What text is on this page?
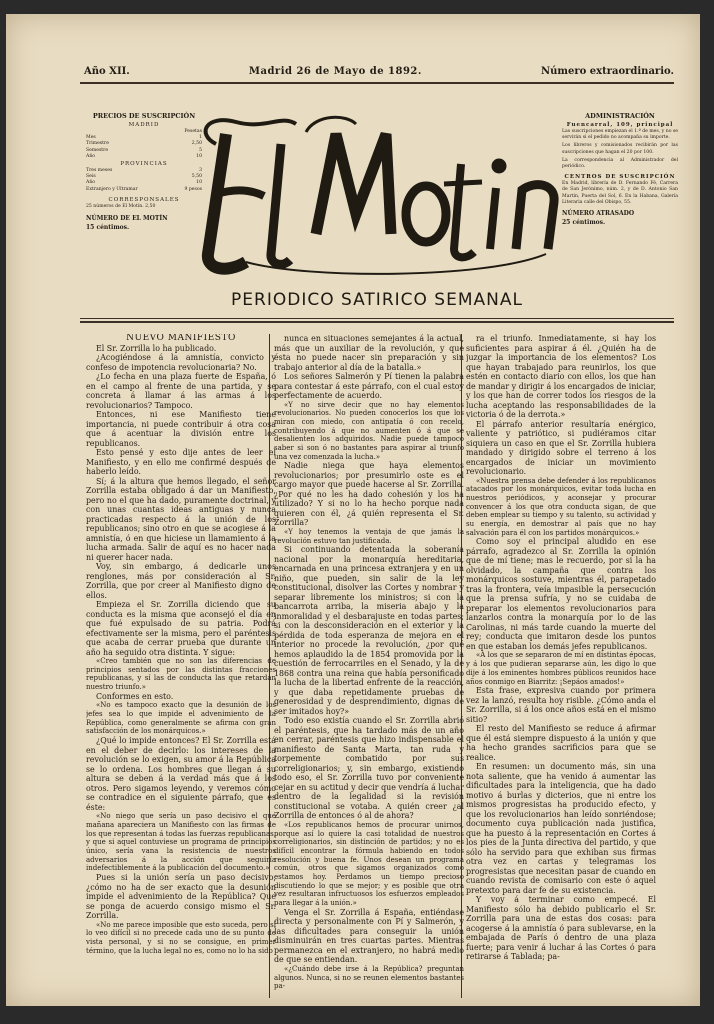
Año XII.	Madrid 26 de Mayo de 1892.	Número extraordinario.
PRECIOS DE SUSCRIPCIÓN
MADRID
Pesetas
Mes	1
Trimestre	2,50
Semestre	5
Año	10
PROVINCIAS
Tres meses	3
Seis	5,50
Año	10
Extranjero y Ultramar	9 pesos
CORRESPONSALES
25 números de El Motín. 2,50
NÚMERO DE EL MOTÍN
15 céntimos.
ADMINISTRACIÓN
Fuencarral, 109, principal

Las suscripciones empiezan el 1.º de mes, y no se servirán si el pedido no acompaña su importe.

Los libreros y comisionados recibirán por las suscripciones que hagan el 20 por 100.

La correspondencia al Administrador del periódico.

CENTROS DE SUSCRIPCIÓN

En Madrid, librería de D. Fernando Fé, Carrera de San Jerónimo, núm. 2, y de D. Antonio San Martín, Puerta del Sol, 6. En la Habana, Galería Literaria calle del Obispo, 55.

NÚMERO ATRASADO
25 céntimos.
PERIODICO SATIRICO SEMANAL

NUEVO MANIFIESTO

El Sr. Zorrilla lo ha publicado.

¿Acogiéndose á la amnistía, convicto y confeso de impotencia revolucionaria? No.

¿Lo fecha en una plaza fuerte de España, ó en el campo al frente de una partida, y se concreta á llamar á las armas á los revolucionarios? Tampoco.

Entonces, ni ese Manifiesto tiene importancia, ni puede contribuir á otra cosa que á acentuar la división entre los republicanos.

Esto pensé y esto dije antes de leer el Manifiesto, y en ello me confirmé después de haberlo leído.

Sí; á la altura que hemos llegado, el señor Zorrilla estaba obligado á dar un Manifiesto, pero no el que ha dado, puramente doctrinal, y con unas cuantas ideas antiguas y nunca practicadas respecto á la unión de los republicanos; sino otro en que se acogiese á la amnistía, ó en que hiciese un llamamiento á la lucha armada. Salir de aquí es no hacer nada ni querer hacer nada.

Voy, sin embargo, á dedicarle unos renglones, más por consideración al Sr. Zorrilla, que por creer al Manifiesto digno de ellos.

Empieza el Sr. Zorrilla diciendo que su conducta es la misma que aconsejó el día en que fué expulsado de su patria. Podrá efectivamente ser la misma, pero el paréntesis que acaba de cerrar prueba que durante un año ha seguido otra distinta. Y sigue:

«Creo también que no son las diferencias de principios sentados por las distintas fracciones republicanas, y sí las de conducta las que retardan nuestro triunfo.»

Conformes en esto.

«No es tampoco exacto que la desunión de los jefes sea lo que impide el advenimiento de la República, como generalmente se afirma con gran satisfacción de los monárquicos.»

¿Qué lo impide entonces? El Sr. Zorrilla está en el deber de decirlo: los intereses de la revolución se lo exigen, su amor á la República se lo ordena. Los hombres que llegan á su altura se deben á la verdad más que á los otros. Pero sigamos leyendo, y veremos cómo se contradice en el siguiente párrafo, que es éste:

«No niego que sería un paso decisivo el que mañana apareciera un Manifiesto con las firmas de los que representan á todas las fuerzas republicanas, y que si aquel contuviese un programa de principios único, sería vana la resistencia de nuestros adversarios á la acción que seguiría indefectiblemente á la publicación del documento.»

Pues si la unión sería un paso decisivo, ¿cómo no ha de ser exacto que la desunión impide el advenimiento de la República? Que se ponga de acuerdo consigo mismo el Sr. Zorrilla.

«No me parece imposible que esto suceda, pero sí lo veo difícil si no precede cada uno de su punto de vista personal, y si no se consigue, en primer término, que la lucha legal no es, como no lo ha sido

nunca en situaciones semejantes á la actual, más que un auxiliar de la revolución, y que ésta no puede nacer sin preparación y sin trabajo anterior al día de la batalla.»

Los señores Salmerón y Pí tienen la palabra para contestar á este párrafo, con el cual estoy perfectamente de acuerdo.

«Y no sirve decir que no hay elementos revolucionarios. No pueden conocerlos los que los miran con miedo, con antipatía ó con recelo, contribuyendo á que no aumenten ó á que se desalienten los adquiridos. Nadie puede tampoco saber si son ó no bastantes para aspirar al triunfo una vez comenzada la lucha.»

Nadie niega que haya elementos revolucionarios; por presumirlo oste es el cargo mayor que puede hacerse al Sr. Zorrilla. ¿Por qué no les ha dado cohesión y los ha utilizado? Y si no lo ha hecho porque nada quieren con él, ¿á quién representa el Sr. Zorrilla?

«Y hoy tenemos la ventaja de que jamás la revolución estuvo tan justificada.

Si continuando detentada la soberanía nacional por la monarquía hereditaria, encarnada en una princesa extranjera y en un niño, que pueden, sin salir de la ley constitucional, disolver las Cortes y nombrar y separar libremente los ministros; si con la bancarrota arriba, la miseria abajo y la inmoralidad y el desbarajuste en todas partes; si con la desconsideración en el exterior y la pérdida de toda esperanza de mejora en el interior no procede la revolución, ¿por qué hemos aplaudido la de 1854 promovida por la cuestión de ferrocarriles en el Senado, y la de 1868 contra una reina que había personificado la lucha de la libertad enfrente de la reacción, y que daba repetidamente pruebas de generosidad y de desprendimiento, dignas de ser imitados hoy?»

Todo eso existía cuando el Sr. Zorrilla abrió el paréntesis, que ha tardado más de un año en cerrar, paréntesis que hizo indispensable el manifiesto de Santa Marta, tan ruda y torpemente combatido por sus correligionarios; y, sin embargo, existiendo todo eso, el Sr. Zorrilla tuvo por conveniente cejar en su actitud y decir que vendría á luchar dentro de la legalidad si la revisión constitucional se votaba. A quién creer ¿al Zorrilla de entonces ó al de ahora?

«Los republicanos hemos de procurar unirnos, porque así lo quiere la casi totalidad de nuestros correligionarios, sin distinción de partidos; y no es difícil encontrar la fórmula habiendo en todos resolución y buena fe. Unos desean un programa común, otros que sigamos organizados como estamos hoy. Perdamos un tiempo precioso discutiendo lo que se mejor; y es posible que otra vez resultaran infructuosos los esfuerzos empleados para llegar á la unión.»

Venga el Sr. Zorrilla á España, entiéndase directa y personalmente con Pí y Salmerón, y las dificultades para conseguir la unión disminuirán en tres cuartas partes. Mientras permanezca en el extranjero, no habrá medio de que se entiendan.

«¿Cuándo debe irse á la República? preguntan algunos. Nunca, si no se reunen elementos bastantes pa-

ra el triunfo. Inmediatamente, si hay los suficientes para aspirar á él. ¿Quién ha de juzgar la importancia de los elementos? Los que hayan trabajado para reunirlos, los que estén en contacto diario con ellos, los que han de mandar y dirigir á los encargados de iniciar, y los que han de correr todos los riesgos de la lucha aceptando las responsabilidades de la victoria ó de la derrota.»

El párrafo anterior resultaría enérgico, valiente y patriótico, si pudiéramos citar siquiera un caso en que el Sr. Zorrilla hubiera mandado y dirigido sobre el terreno á los encargados de iniciar un movimiento revolucionario.

«Nuestra prensa debe defender á los republicanos atacados por los monárquicos, evitar toda lucha en nuestros periódicos, y aconsejar y procurar convencer á los que otra conducta sigan, de que deben emplear su tiempo y su talento, su actividad y su energía, en demostrar al país que no hay salvación para él con los partidos monárquicos.»

Como soy el principal aludido en ese párrafo, agradezco al Sr. Zorrilla la opinión que de mí tiene; mas le recuerdo, por si la ha olvidado, la campaña que contra los monárquicos sostuve, mientras él, parapetado tras la frontera, veía impasible la persecución que la prensa sufría, y no se cuidaba de preparar los elementos revolucionarios para lanzarlos contra la monarquía por lo de las Carolinas, ni más tarde cuando la muerte del rey; conducta que imitaron desde los puntos en que estaban los demás jefes republicanos.

«A los que se separaron de mí en distintas épocas, y á los que pudieran separarse aún, les digo lo que dije á los eminentes hombres públicos reunidos hace años conmigo en Biarritz: ¡Sepáos amados!»

Esta frase, expresiva cuando por primera vez la lanzó, resulta hoy risible. ¿Cómo anda el Sr. Zorrilla, si á los once años está en el mismo sitio?

El resto del Manifiesto se reduce á afirmar que él está siempre dispuesto á la unión y que ha hecho grandes sacrificios para que se realice.

En resumen: un documento más, sin una nota saliente, que ha venido á aumentar las dificultades para la inteligencia, que ha dado motivo á burlas y dicterios, que ni entre los mismos progresistas ha producido efecto, y que los revolucionarios han leído sonriéndose; documento cuya publicación nada justifica, que ha puesto á la representación en Cortes á los pies de la Junta directiva del partido, y que sólo ha servido para que exhiban sus firmas otra vez en cartas y telegramas los progresistas que necesitan pasar de cuando en cuando revista de comisario con este ó aquel pretexto para dar fe de su existencia.

Y voy á terminar como empecé. El Manifiesto sólo ha debido publicarlo el Sr. Zorrilla para una de estas dos cosas: para acogerse á la amnistía ó para sublevarse, en la embajada de París ó dentro de una plaza fuerte; para venir á luchar á las Cortes ó para retirarse á Tablada; pa-
